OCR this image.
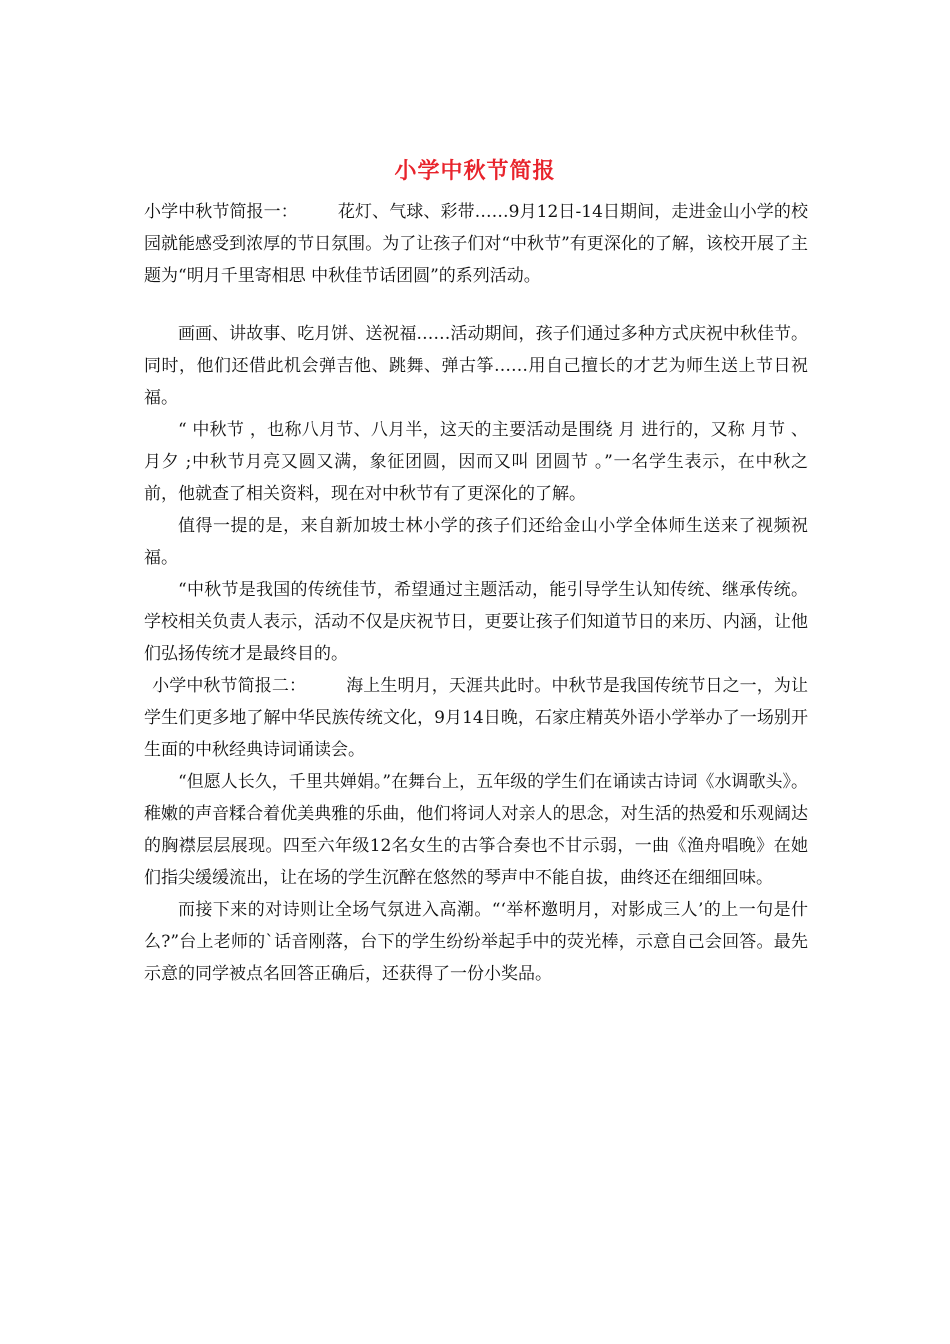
小学中秋节简报

小学中秋节简报一： 花灯、气球、彩带……9月12日-14日期间，走进金山小学的校园就能感受到浓厚的节日氛围。为了让孩子们对“中秋节”有更深化的了解，该校开展了主题为“明月千里寄相思 中秋佳节话团圆”的系列活动。

画画、讲故事、吃月饼、送祝福……活动期间，孩子们通过多种方式庆祝中秋佳节。同时，他们还借此机会弹吉他、跳舞、弹古筝……用自己擅长的才艺为师生送上节日祝福。

“ 中秋节 ，也称八月节、八月半，这天的主要活动是围绕 月 进行的，又称 月节 、 月夕 ;中秋节月亮又圆又满，象征团圆，因而又叫 团圆节 。”一名学生表示，在中秋之前，他就查了相关资料，现在对中秋节有了更深化的了解。

值得一提的是，来自新加坡士林小学的孩子们还给金山小学全体师生送来了视频祝福。

“中秋节是我国的传统佳节，希望通过主题活动，能引导学生认知传统、继承传统。学校相关负责人表示，活动不仅是庆祝节日，更要让孩子们知道节日的来历、内涵，让他们弘扬传统才是最终目的。

小学中秋节简报二： 海上生明月，天涯共此时。中秋节是我国传统节日之一，为让学生们更多地了解中华民族传统文化，9月14日晚，石家庄精英外语小学举办了一场别开生面的中秋经典诗词诵读会。

“但愿人长久，千里共婵娟。”在舞台上，五年级的学生们在诵读古诗词《水调歌头》。稚嫩的声音糅合着优美典雅的乐曲，他们将词人对亲人的思念，对生活的热爱和乐观阔达的胸襟层层展现。四至六年级12名女生的古筝合奏也不甘示弱，一曲《渔舟唱晚》在她们指尖缓缓流出，让在场的学生沉醉在悠然的琴声中不能自拔，曲终还在细细回味。

而接下来的对诗则让全场气氛进入高潮。“‘举杯邀明月，对影成三人’的上一句是什么?”台上老师的`话音刚落，台下的学生纷纷举起手中的荧光棒，示意自己会回答。最先示意的同学被点名回答正确后，还获得了一份小奖品。
